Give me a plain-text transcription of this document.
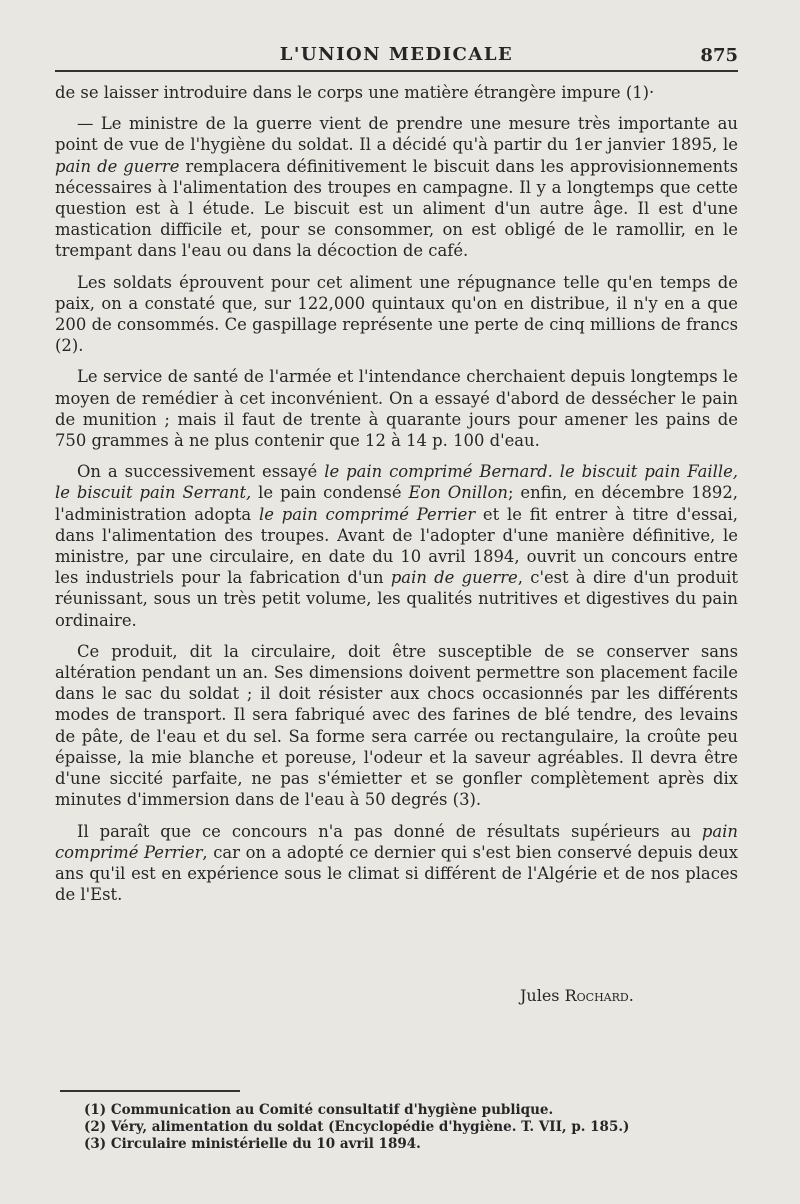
L'UNION MEDICALE	875

de se laisser introduire dans le corps une matière étrangère impure (1)·

— Le ministre de la guerre vient de prendre une mesure très importante au point de vue de l'hygiène du soldat. Il a décidé qu'à partir du 1er janvier 1895, le pain de guerre remplacera définitivement le biscuit dans les approvisionnements nécessaires à l'alimentation des troupes en campagne. Il y a longtemps que cette question est à l étude. Le biscuit est un aliment d'un autre âge. Il est d'une mastication difficile et, pour se consommer, on est obligé de le ramollir, en le trempant dans l'eau ou dans la décoction de café.

Les soldats éprouvent pour cet aliment une répugnance telle qu'en temps de paix, on a constaté que, sur 122,000 quintaux qu'on en distribue, il n'y en a que 200 de consommés. Ce gaspillage représente une perte de cinq millions de francs (2).

Le service de santé de l'armée et l'intendance cherchaient depuis longtemps le moyen de remédier à cet inconvénient. On a essayé d'abord de dessécher le pain de munition ; mais il faut de trente à quarante jours pour amener les pains de 750 grammes à ne plus contenir que 12 à 14 p. 100 d'eau.

On a successivement essayé le pain comprimé Bernard. le biscuit pain Faille, le biscuit pain Serrant, le pain condensé Eon Onillon; enfin, en décembre 1892, l'administration adopta le pain comprimé Perrier et le fit entrer à titre d'essai, dans l'alimentation des troupes. Avant de l'adopter d'une manière définitive, le ministre, par une circulaire, en date du 10 avril 1894, ouvrit un concours entre les industriels pour la fabrication d'un pain de guerre, c'est à dire d'un produit réunissant, sous un très petit volume, les qualités nutritives et digestives du pain ordinaire.

Ce produit, dit la circulaire, doit être susceptible de se conserver sans altération pendant un an. Ses dimensions doivent permettre son placement facile dans le sac du soldat ; il doit résister aux chocs occasionnés par les différents modes de transport. Il sera fabriqué avec des farines de blé tendre, des levains de pâte, de l'eau et du sel. Sa forme sera carrée ou rectangulaire, la croûte peu épaisse, la mie blanche et poreuse, l'odeur et la saveur agréables. Il devra être d'une siccité parfaite, ne pas s'émietter et se gonfler complètement après dix minutes d'immersion dans de l'eau à 50 degrés (3).

Il paraît que ce concours n'a pas donné de résultats supérieurs au pain comprimé Perrier, car on a adopté ce dernier qui s'est bien conservé depuis deux ans qu'il est en expérience sous le climat si différent de l'Algérie et de nos places de l'Est.

Jules Rochard.
(1) Communication au Comité consultatif d'hygiène publique.
(2) Véry, alimentation du soldat (Encyclopédie d'hygiène. T. VII, p. 185.)
(3) Circulaire ministérielle du 10 avril 1894.
